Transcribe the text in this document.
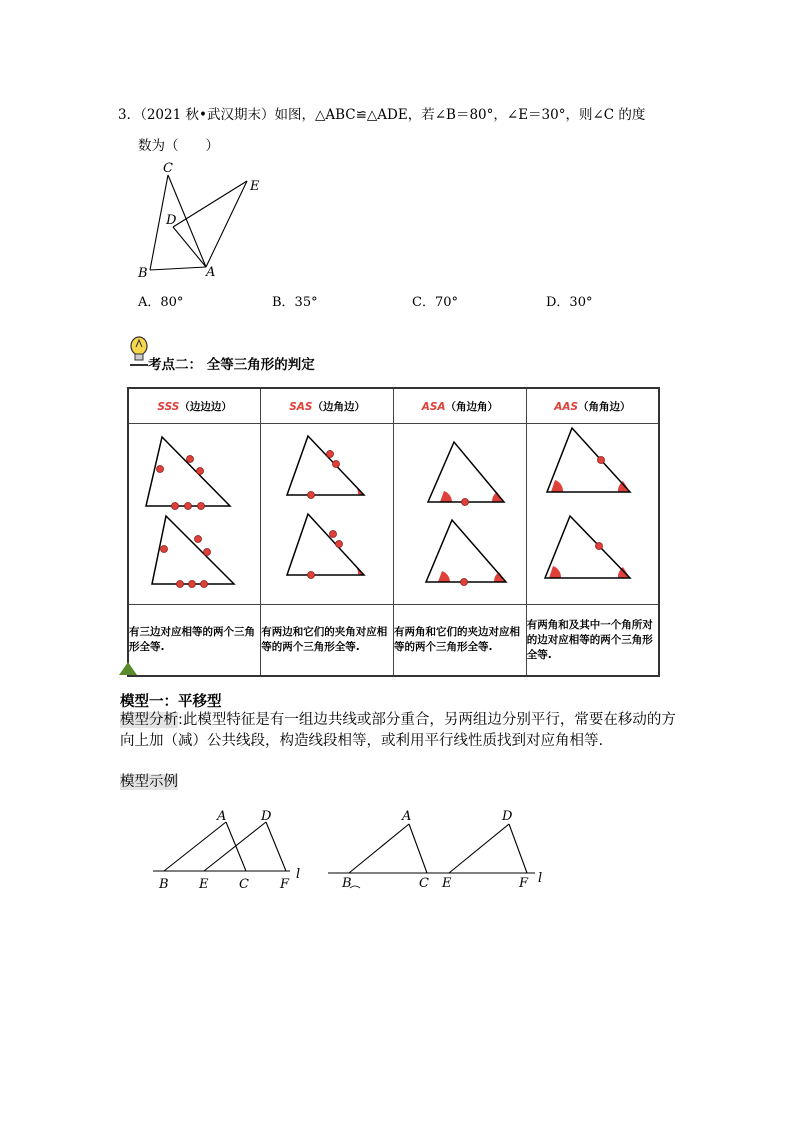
3．（2021 秋•武汉期末）如图，△ABC≌△ADE，若∠B＝80°，∠E＝30°，则∠C 的度
数为（　　）
C
D
E
B	A
A．80°	B．35°	C．70°	D．30°
考点二： 全等三角形的判定
SSS（边边边）	SAS（边角边）	ASA（角边角）	AAS（角角边）

有三边对应相等的两个三角形全等.	有两边和它们的夹角对应相等的两个三角形全等.	有两角和它们的夹边对应相等的两个三角形全等.	有两角和及其中一个角所对的边对应相等的两个三角形全等.
模型一：平移型
模型分析:此模型特征是有一组边共线或部分重合，另两组边分别平行，常要在移动的方向上加（减）公共线段，构造线段相等，或利用平行线性质找到对应角相等.
模型示例
A	D
B E C F
l
A	D
B	C E	F l
